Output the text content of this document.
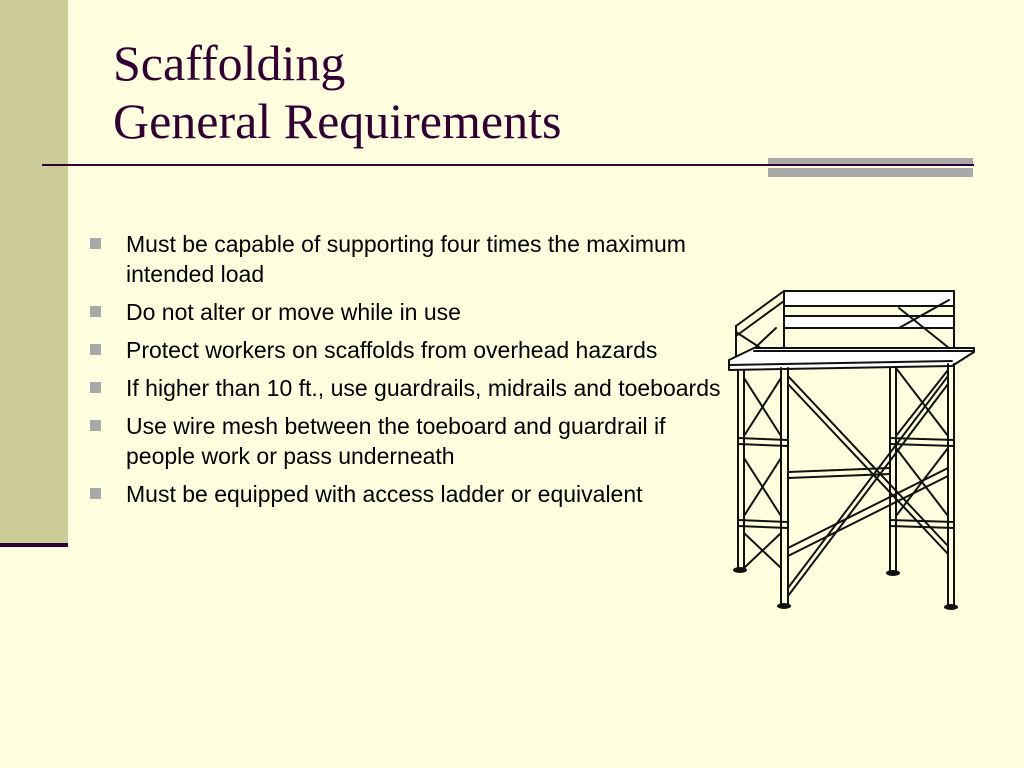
Scaffolding
General Requirements
Must be capable of supporting four times the maximum intended load
Do not alter or move while in use
Protect workers on scaffolds from overhead hazards
If higher than 10 ft., use guardrails, midrails and toeboards
Use wire mesh between the toeboard and guardrail if people work or pass underneath
Must be equipped with access ladder or equivalent
